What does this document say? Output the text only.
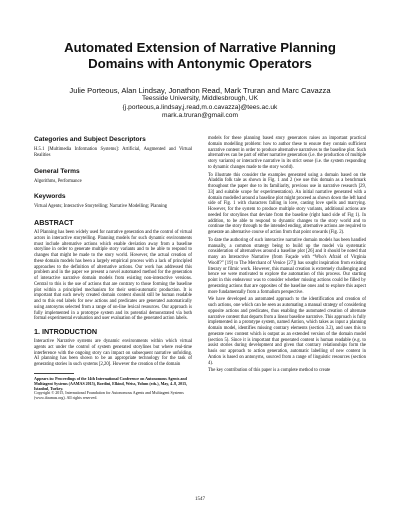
Automated Extension of Narrative Planning Domains with Antonymic Operators
Julie Porteous, Alan Lindsay, Jonathon Read, Mark Truran and Marc Cavazza
Teesside University, Middlesbrough, UK
{j.porteous,a.lindsay,j.read,m.o.cavazza}@tees.ac.uk
mark.a.truran@gmail.com
Categories and Subject Descriptors

H.5.1 [Multimedia Information Systems]: Artificial, Augmented and Virtual Realities

General Terms

Algorithms, Performance

Keywords

Virtual Agents; Interactive Storytelling; Narrative Modelling; Planning

ABSTRACT

AI Planning has been widely used for narrative generation and the control of virtual actors in interactive storytelling. Planning models for such dynamic environments must include alternative actions which enable deviation away from a baseline storyline in order to generate multiple story variants and to be able to respond to changes that might be made to the story world. However, the actual creation of these domain models has been a largely empirical process with a lack of principled approaches to the definition of alternative actions. Our work has addressed this problem and in the paper we present a novel automated method for the generation of interactive narrative domain models from existing non-interactive versions. Central to this is the use of actions that are contrary to those forming the baseline plot within a principled mechanism for their semi-automatic production. It is important that such newly created domain content should still be human readable and to this end labels for new actions and predicates are generated automatically using antonyms selected from a range of on-line lexical resources. Our approach is fully implemented in a prototype system and its potential demonstrated via both formal experimental evaluation and user evaluation of the generated action labels.

1. INTRODUCTION

Interactive Narrative systems are dynamic environments within which virtual agents act under the control of system generated storylines but where real-time interference with the ongoing story can impact on subsequent narrative unfolding. AI planning has been shown to be an appropriate technology for the task of generating stories in such systems [2,20]. However the creation of the domain

Appears in: Proceedings of the 14th International Conference on Autonomous Agents and Multiagent Systems (AAMAS 2015), Bordini, Elkind, Weiss, Yolum (eds.), May, 4–8, 2015, Istanbul, Turkey.
Copyright © 2015, International Foundation for Autonomous Agents and Multiagent Systems (www.ifaamas.org). All rights reserved.

models for these planning based story generators raises an important practical domain modelling problem: how to author these to ensure they contain sufficient narrative content in order to produce alternative narratives to the baseline plot. Such alternatives can be part of either narrative generation (i.e. the production of multiple story variants) or interactive narrative in its strict sense (i.e. the system responding to dynamic changes made to the story world).

To illustrate this consider the examples generated using a domain based on the Aladdin folk tale as shown in Fig. 1 and 2 (we use this domain as a benchmark throughout the paper due to its familiarity, previous use in narrative research [29, 33] and suitable scope for experimentation). An initial narrative generated with a domain modelled around a baseline plot might proceed as shown down the left hand side of Fig. 1 with characters falling in love, casting love spells and marrying. However, for the system to produce multiple story variants, additional actions are needed for storylines that deviate from the baseline (right hand side of Fig 1). In addition, to be able to respond to dynamic changes to the story world and to continue the story through to the intended ending, alternative actions are required to generate an alternative course of action from that point onwards (Fig. 2).

To date the authoring of such interactive narrative domain models has been handled manually, a common strategy being to build up the model via systematic consideration of alternatives around a baseline plot [26] and it should be noted that many an Interactive Narrative (from Façade with “Who's Afraid of Virginia Woolf?” [19] to The Merchant of Venice [27]) has sought inspiration from existing literary or filmic work. However, this manual creation is extremely challenging and hence we were motivated to explore the automation of this process. Our starting point in this endeavour was to consider whether missing actions could be filled by generating actions that are opposites of the baseline ones and to explore this aspect more fundamentally from a formalism perspective.

We have developed an automated approach to the identification and creation of such actions, one which can be seen as automating a manual strategy of considering opposite actions and predicates, thus enabling the automated creation of alternate narrative content that departs from a linear baseline narrative. This approach is fully implemented in a prototype system, named Antion, which takes as input a planning domain model, identifies missing contrary elements (section 3.2), and uses this to generate new content which is output as an extended version of the domain model (section 5). Since it is important that generated content is human readable (e.g. to assist stories during development and given that contrary relationships form the basis our approach to action generation, automatic labelling of new content in Antion is based on antonyms, sourced from a range of linguistic resources (section 4).

The key contribution of this paper is a complete method to create

1547
